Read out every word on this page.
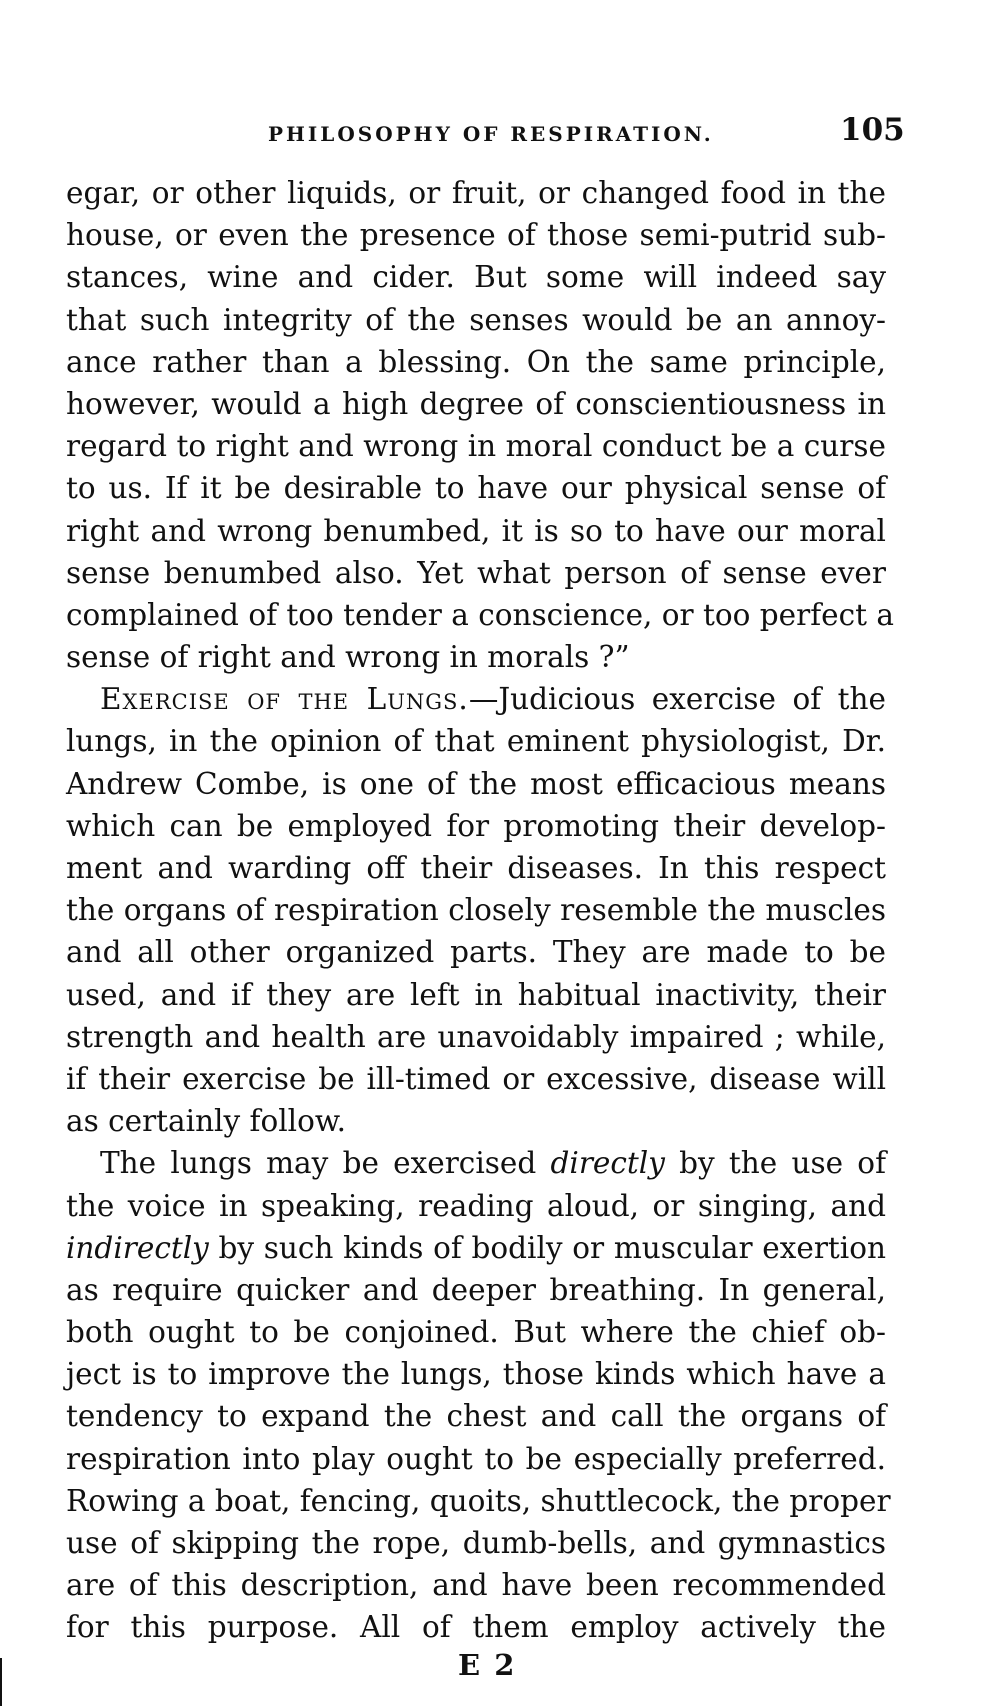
PHILOSOPHY OF RESPIRATION.	105
egar, or other liquids, or fruit, or changed food in the
house, or even the presence of those semi-putrid sub-
stances, wine and cider. But some will indeed say
that such integrity of the senses would be an annoy-
ance rather than a blessing. On the same principle,
however, would a high degree of conscientiousness in
regard to right and wrong in moral conduct be a curse
to us. If it be desirable to have our physical sense of
right and wrong benumbed, it is so to have our moral
sense benumbed also. Yet what person of sense ever
complained of too tender a conscience, or too perfect a
sense of right and wrong in morals ?”
Exercise of the Lungs.—Judicious exercise of the
lungs, in the opinion of that eminent physiologist, Dr.
Andrew Combe, is one of the most efficacious means
which can be employed for promoting their develop-
ment and warding off their diseases. In this respect
the organs of respiration closely resemble the muscles
and all other organized parts. They are made to be
used, and if they are left in habitual inactivity, their
strength and health are unavoidably impaired ; while,
if their exercise be ill-timed or excessive, disease will
as certainly follow.
The lungs may be exercised directly by the use of
the voice in speaking, reading aloud, or singing, and
indirectly by such kinds of bodily or muscular exertion
as require quicker and deeper breathing. In general,
both ought to be conjoined. But where the chief ob-
ject is to improve the lungs, those kinds which have a
tendency to expand the chest and call the organs of
respiration into play ought to be especially preferred.
Rowing a boat, fencing, quoits, shuttlecock, the proper
use of skipping the rope, dumb-bells, and gymnastics
are of this description, and have been recommended
for this purpose. All of them employ actively the
E 2
